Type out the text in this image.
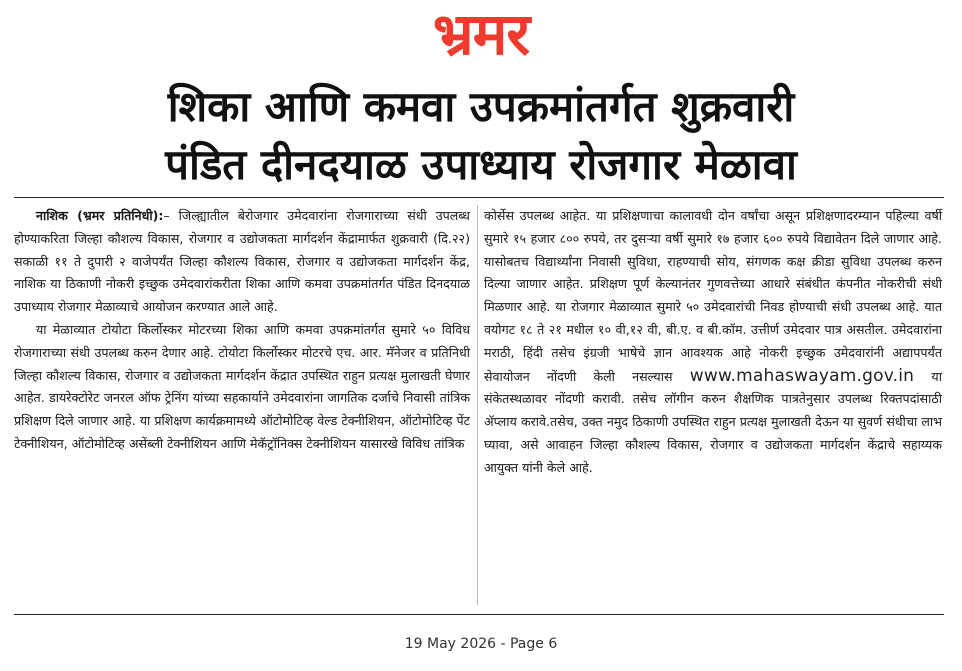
भ्रमर
शिका आणि कमवा उपक्रमांतर्गत शुक्रवारी
पंडित दीनदयाळ उपाध्याय रोजगार मेळावा

नाशिक (भ्रमर प्रतिनिधी):– जिल्ह्यातील बेरोजगार उमेदवारांना रोजगाराच्या संधी उपलब्ध होण्याकरिता जिल्हा कौशल्य विकास, रोजगार व उद्योजकता मार्गदर्शन केंद्रामार्फत शुक्रवारी (दि.२२) सकाळी ११ ते दुपारी २ वाजेपर्यंत जिल्हा कौशल्य विकास, रोजगार व उद्योजकता मार्गदर्शन केंद्र, नाशिक या ठिकाणी नोकरी इच्छुक उमेदवारांकरीता शिका आणि कमवा उपक्रमांतर्गत पंडित दिनदयाळ उपाध्याय रोजगार मेळाव्याचे आयोजन करण्यात आले आहे.

या मेळाव्यात टोयोटा किर्लोस्कर मोटरच्या शिका आणि कमवा उपक्रमांतर्गत सुमारे ५० विविध रोजगाराच्या संधी उपलब्ध करुन देणार आहे. टोयोटा किर्लोस्कर मोटरचे एच. आर. मॅनेजर व प्रतिनिधी जिल्हा कौशल्य विकास, रोजगार व उद्योजकता मार्गदर्शन केंद्रात उपस्थित राहुन प्रत्यक्ष मुलाखती घेणार आहेत. डायरेक्टोरेट जनरल ऑफ ट्रेनिंग यांच्या सहकार्याने उमेदवारांना जागतिक दर्जाचे निवासी तांत्रिक प्रशिक्षण दिले जाणार आहे. या प्रशिक्षण कार्यक्रमामध्ये ऑटोमोटिव्ह वेल्ड टेक्नीशियन, ऑटोमोटिव्ह पेंट टेक्नीशियन, ऑटोमोटिव्ह असेंब्ली टेक्नीशियन आणि मेकॅट्रॉनिक्स टेक्नीशियन यासारखे विविध तांत्रिक

कोर्सेस उपलब्ध आहेत. या प्रशिक्षणाचा कालावधी दोन वर्षांचा असून प्रशिक्षणादरम्यान पहिल्या वर्षी सुमारे १५ हजार ८०० रुपये, तर दुसऱ्या वर्षी सुमारे १७ हजार ६०० रुपये विद्यावेतन दिले जाणार आहे. यासोबतच विद्यार्थ्यांना निवासी सुविधा, राहण्याची सोय, संगणक कक्ष क्रीडा सुविधा उपलब्ध करुन दिल्या जाणार आहेत. प्रशिक्षण पूर्ण केल्यानंतर गुणवत्तेच्या आधारे संबंधीत कंपनीत नोकरीची संधी मिळणार आहे. या रोजगार मेळाव्यात सुमारे ५० उमेदवारांची निवड होण्याची संधी उपलब्ध आहे. यात वयोगट १८ ते २१ मधील १० वी,१२ वी, बी.ए. व बी.कॉम. उत्तीर्ण उमेदवार पात्र असतील. उमेदवारांना मराठी, हिंदी तसेच इंग्रजी भाषेचे ज्ञान आवश्यक आहे नोकरी इच्छुक उमेदवारांनी अद्यापपर्यंत सेवायोजन नोंदणी केली नसल्यास www.mahaswayam.gov.in या संकेतस्थळावर नोंदणी करावी. तसेच लॉगीन करुन शैक्षणिक पात्रतेनुसार उपलब्ध रिक्तपदांसाठी ॲप्लाय करावे.तसेच, उक्त नमुद ठिकाणी उपस्थित राहुन प्रत्यक्ष मुलाखती देऊन या सुवर्ण संधीचा लाभ घ्यावा, असे आवाहन जिल्हा कौशल्य विकास, रोजगार व उद्योजकता मार्गदर्शन केंद्राचे सहाय्यक आयुक्त यांनी केले आहे.

19 May 2026 - Page 6
